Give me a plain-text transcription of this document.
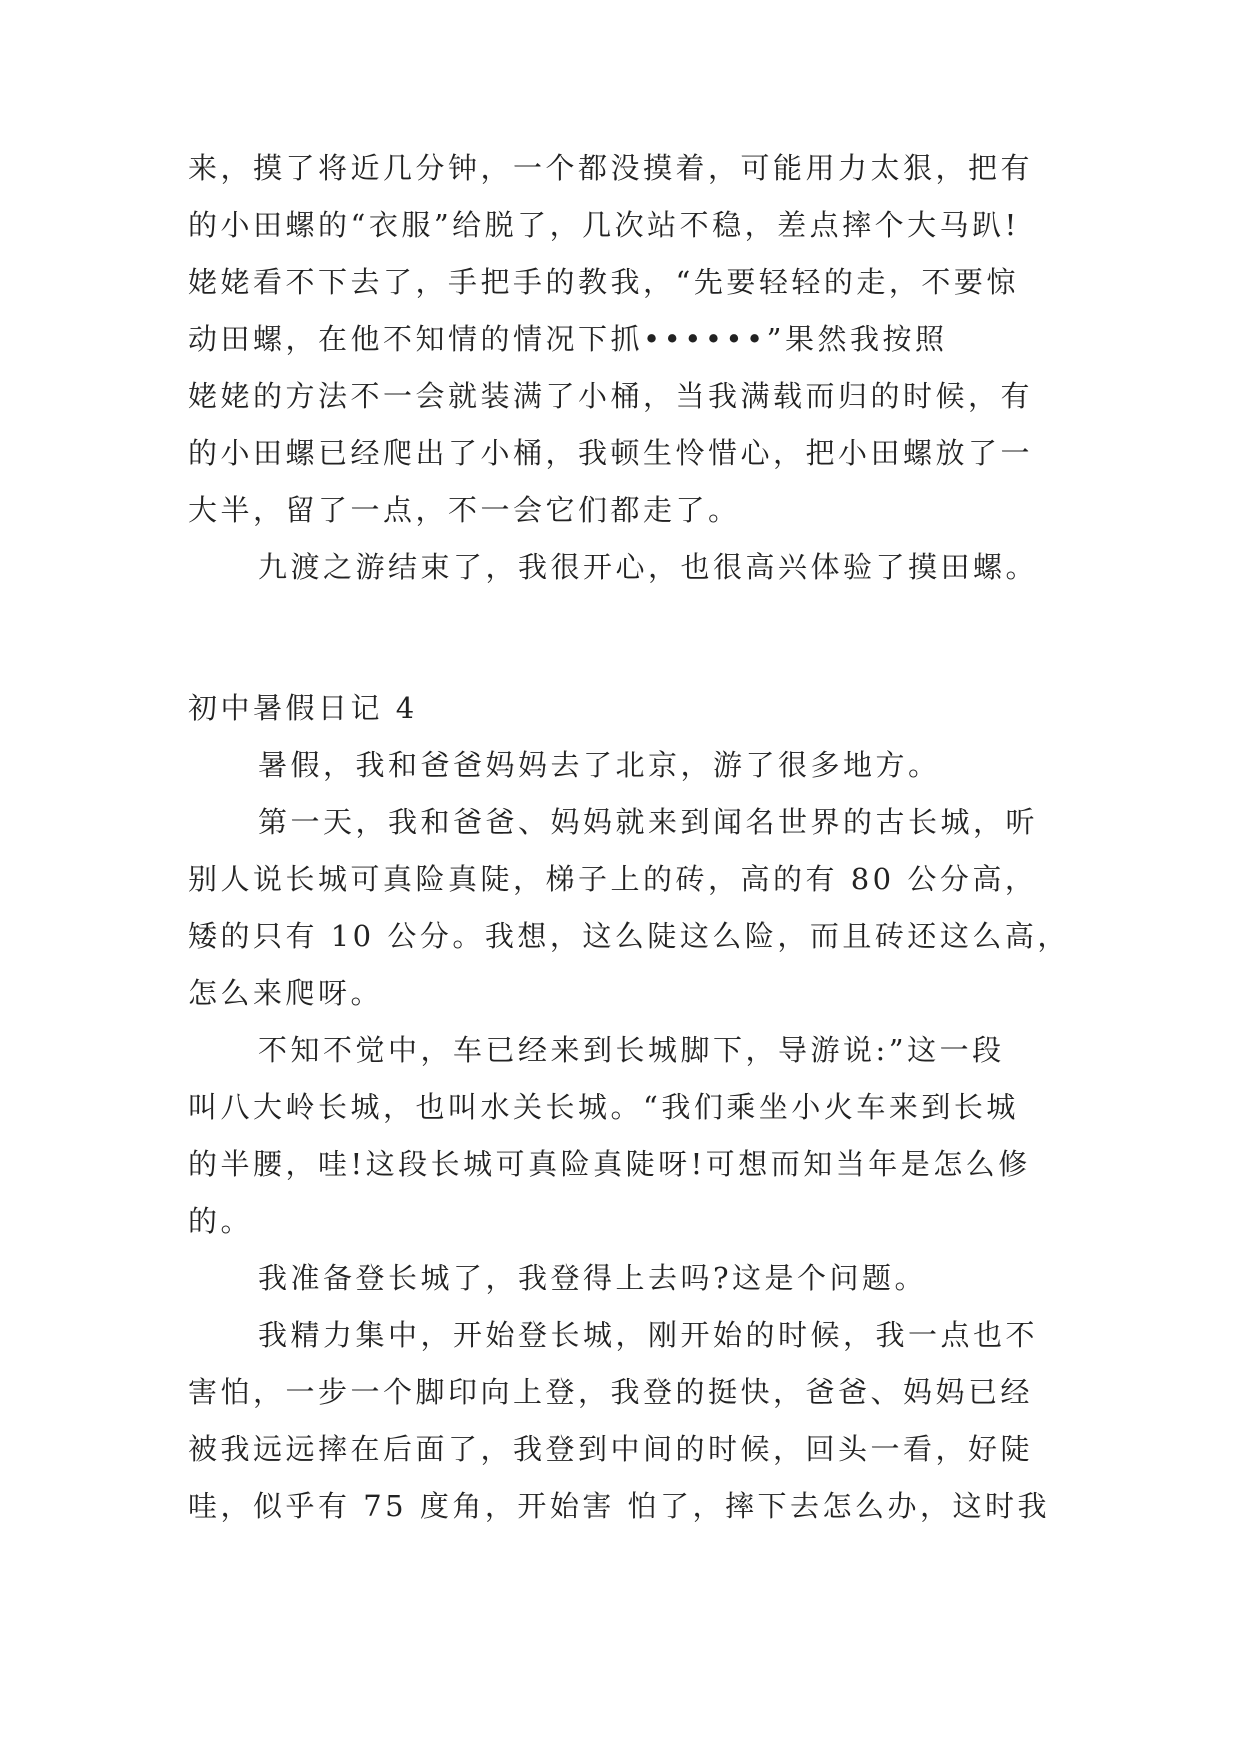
来，摸了将近几分钟，一个都没摸着，可能用力太狠，把有
的小田螺的“衣服”给脱了，几次站不稳，差点摔个大马趴!
姥姥看不下去了，手把手的教我，“先要轻轻的走，不要惊
动田螺，在他不知情的情况下抓••••••”果然我按照
姥姥的方法不一会就装满了小桶，当我满载而归的时候，有
的小田螺已经爬出了小桶，我顿生怜惜心，把小田螺放了一
大半，留了一点，不一会它们都走了。
九渡之游结束了，我很开心，也很高兴体验了摸田螺。
初中暑假日记 4
暑假，我和爸爸妈妈去了北京，游了很多地方。
第一天，我和爸爸、妈妈就来到闻名世界的古长城，听
别人说长城可真险真陡，梯子上的砖，高的有 80 公分高，
矮的只有 10 公分。我想，这么陡这么险，而且砖还这么高，
怎么来爬呀。
不知不觉中，车已经来到长城脚下，导游说:”这一段
叫八大岭长城，也叫水关长城。“我们乘坐小火车来到长城
的半腰，哇!这段长城可真险真陡呀!可想而知当年是怎么修
的。
我准备登长城了，我登得上去吗?这是个问题。
我精力集中，开始登长城，刚开始的时候，我一点也不
害怕，一步一个脚印向上登，我登的挺快，爸爸、妈妈已经
被我远远摔在后面了，我登到中间的时候，回头一看，好陡
哇，似乎有 75 度角，开始害 怕了，摔下去怎么办，这时我
